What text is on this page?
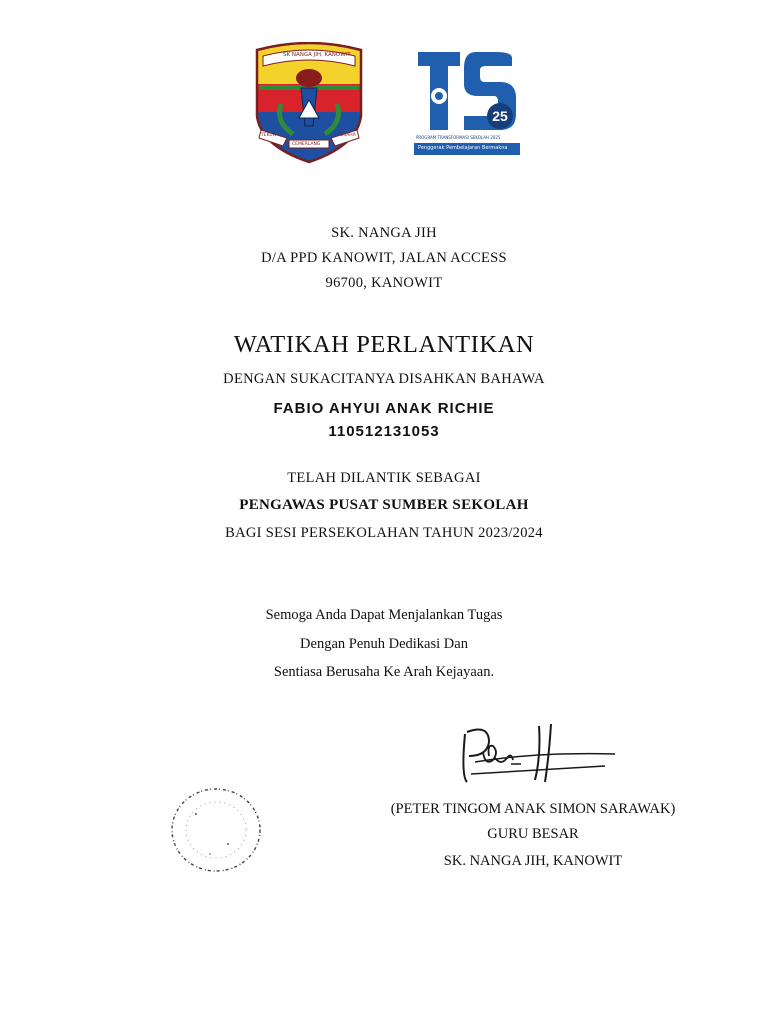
SK NANGA JIH, KANOWIT
TEKUN
CEMERLANG
USAHA
25
PROGRAM TRANSFORMASI SEKOLAH 2025
Penggerak Pembelajaran Bermakna
SK. NANGA JIH
D/A PPD KANOWIT, JALAN ACCESS
96700, KANOWIT
WATIKAH PERLANTIKAN
DENGAN SUKACITANYA DISAHKAN BAHAWA
FABIO AHYUI ANAK RICHIE
110512131053
TELAH DILANTIK SEBAGAI
PENGAWAS PUSAT SUMBER SEKOLAH
BAGI SESI PERSEKOLAHAN TAHUN 2023/2024
Semoga Anda Dapat Menjalankan Tugas
Dengan Penuh Dedikasi Dan
Sentiasa Berusaha Ke Arah Kejayaan.
(PETER TINGOM ANAK SIMON SARAWAK)
GURU BESAR
SK. NANGA JIH, KANOWIT
